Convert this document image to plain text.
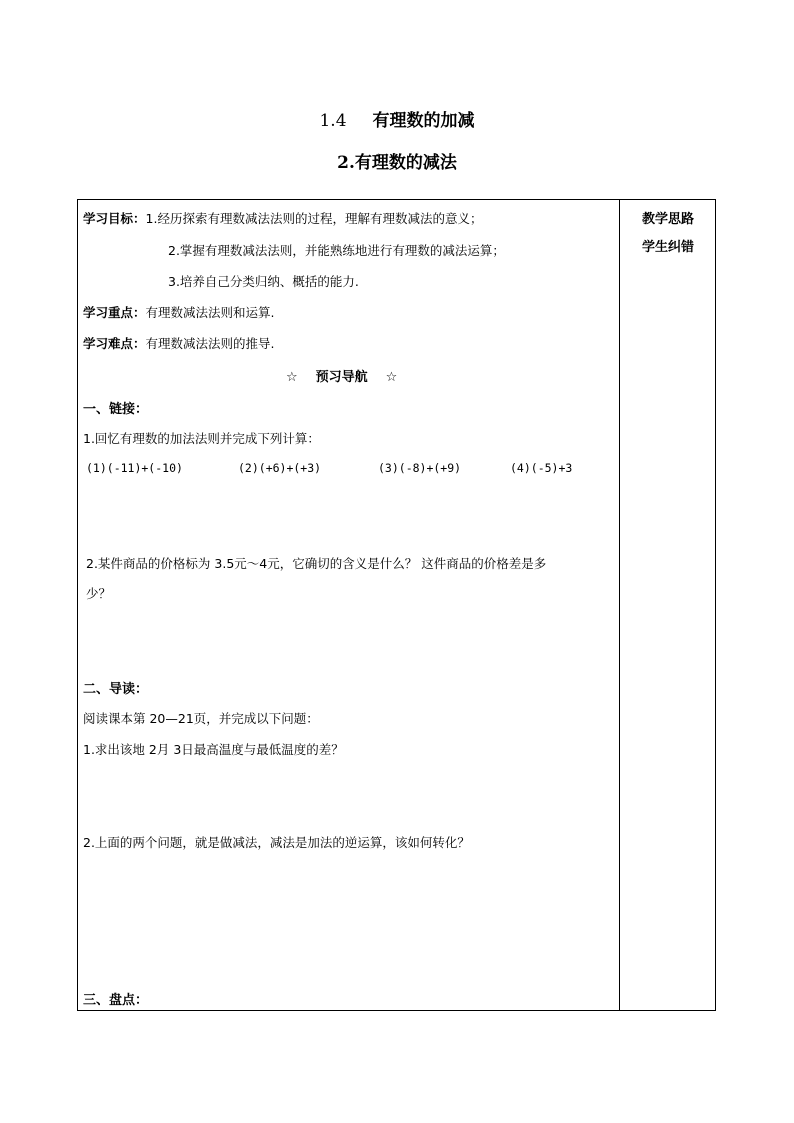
1.4 有理数的加减
2.有理数的减法
教学思路
学生纠错
学习目标：1.经历探索有理数减法法则的过程，理解有理数减法的意义；
2.掌握有理数减法法则，并能熟练地进行有理数的减法运算；
3.培养自己分类归纳、概括的能力.
学习重点：有理数减法法则和运算.
学习难点：有理数减法法则的推导.
☆ 预习导航 ☆
一、链接：
1.回忆有理数的加法法则并完成下列计算：
(1)(-11)+(-10)	(2)(+6)+(+3)	(3)(-8)+(+9)	(4)(-5)+3
2.某件商品的价格标为 3.5元～4元，它确切的含义是什么？ 这件商品的价格差是多
少？
二、导读：
阅读课本第 20—21页，并完成以下问题：
1.求出该地 2月 3日最高温度与最低温度的差？
2.上面的两个问题，就是做减法，减法是加法的逆运算，该如何转化？
三、盘点：
